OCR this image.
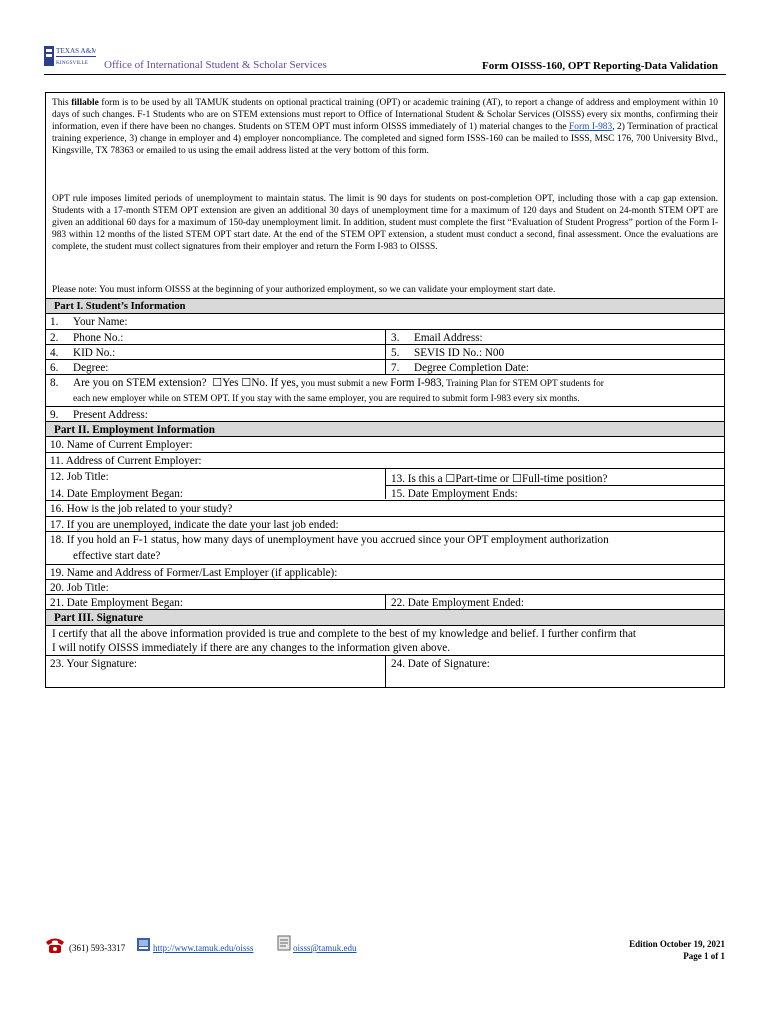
TEXAS A&M
KINGSVILLE Office of International Student & Scholar Services	Form OISSS-160, OPT Reporting-Data Validation
This fillable form is to be used by all TAMUK students on optional practical training (OPT) or academic training (AT), to report a change of address and employment within 10 days of such changes. F-1 Students who are on STEM extensions must report to Office of International Student & Scholar Services (OISSS) every six months, confirming their information, even if there have been no changes. Students on STEM OPT must inform OISSS immediately of 1) material changes to the Form I-983, 2) Termination of practical training experience, 3) change in employer and 4) employer noncompliance. The completed and signed form ISSS-160 can be mailed to ISSS, MSC 176, 700 University Blvd., Kingsville, TX 78363 or emailed to us using the email address listed at the very bottom of this form.
OPT rule imposes limited periods of unemployment to maintain status. The limit is 90 days for students on post-completion OPT, including those with a cap gap extension. Students with a 17-month STEM OPT extension are given an additional 30 days of unemployment time for a maximum of 120 days and Student on 24-month STEM OPT are given an additional 60 days for a maximum of 150-day unemployment limit. In addition, student must complete the first “Evaluation of Student Progress” portion of the Form I-983 within 12 months of the listed STEM OPT start date. At the end of the STEM OPT extension, a student must conduct a second, final assessment. Once the evaluations are complete, the student must collect signatures from their employer and return the Form I-983 to OISSS.
Please note: You must inform OISSS at the beginning of your authorized employment, so we can validate your employment start date.
Part I. Student’s Information
1. Your Name:
2. Phone No.:	3. Email Address:
4. KID No.:	5. SEVIS ID No.: N00
6. Degree:	7. Degree Completion Date:
8. Are you on STEM extension? ☐Yes ☐No. If yes, you must submit a new Form I-983, Training Plan for STEM OPT students for
each new employer while on STEM OPT. If you stay with the same employer, you are required to submit form I-983 every six months.
9. Present Address:
Part II. Employment Information
10. Name of Current Employer:
11. Address of Current Employer:
12. Job Title:	13. Is this a ☐Part-time or ☐Full-time position?
14. Date Employment Began:	15. Date Employment Ends:
16. How is the job related to your study?
17. If you are unemployed, indicate the date your last job ended:
18. If you hold an F-1 status, how many days of unemployment have you accrued since your OPT employment authorization
effective start date?
19. Name and Address of Former/Last Employer (if applicable):
20. Job Title:
21. Date Employment Began:	22. Date Employment Ended:
Part III. Signature
I certify that all the above information provided is true and complete to the best of my knowledge and belief. I further confirm that
I will notify OISSS immediately if there are any changes to the information given above.
23. Your Signature:	24. Date of Signature:
(361) 593-3317	http://www.tamuk.edu/oisss	oisss@tamuk.edu	Edition October 19, 2021
Page 1 of 1
